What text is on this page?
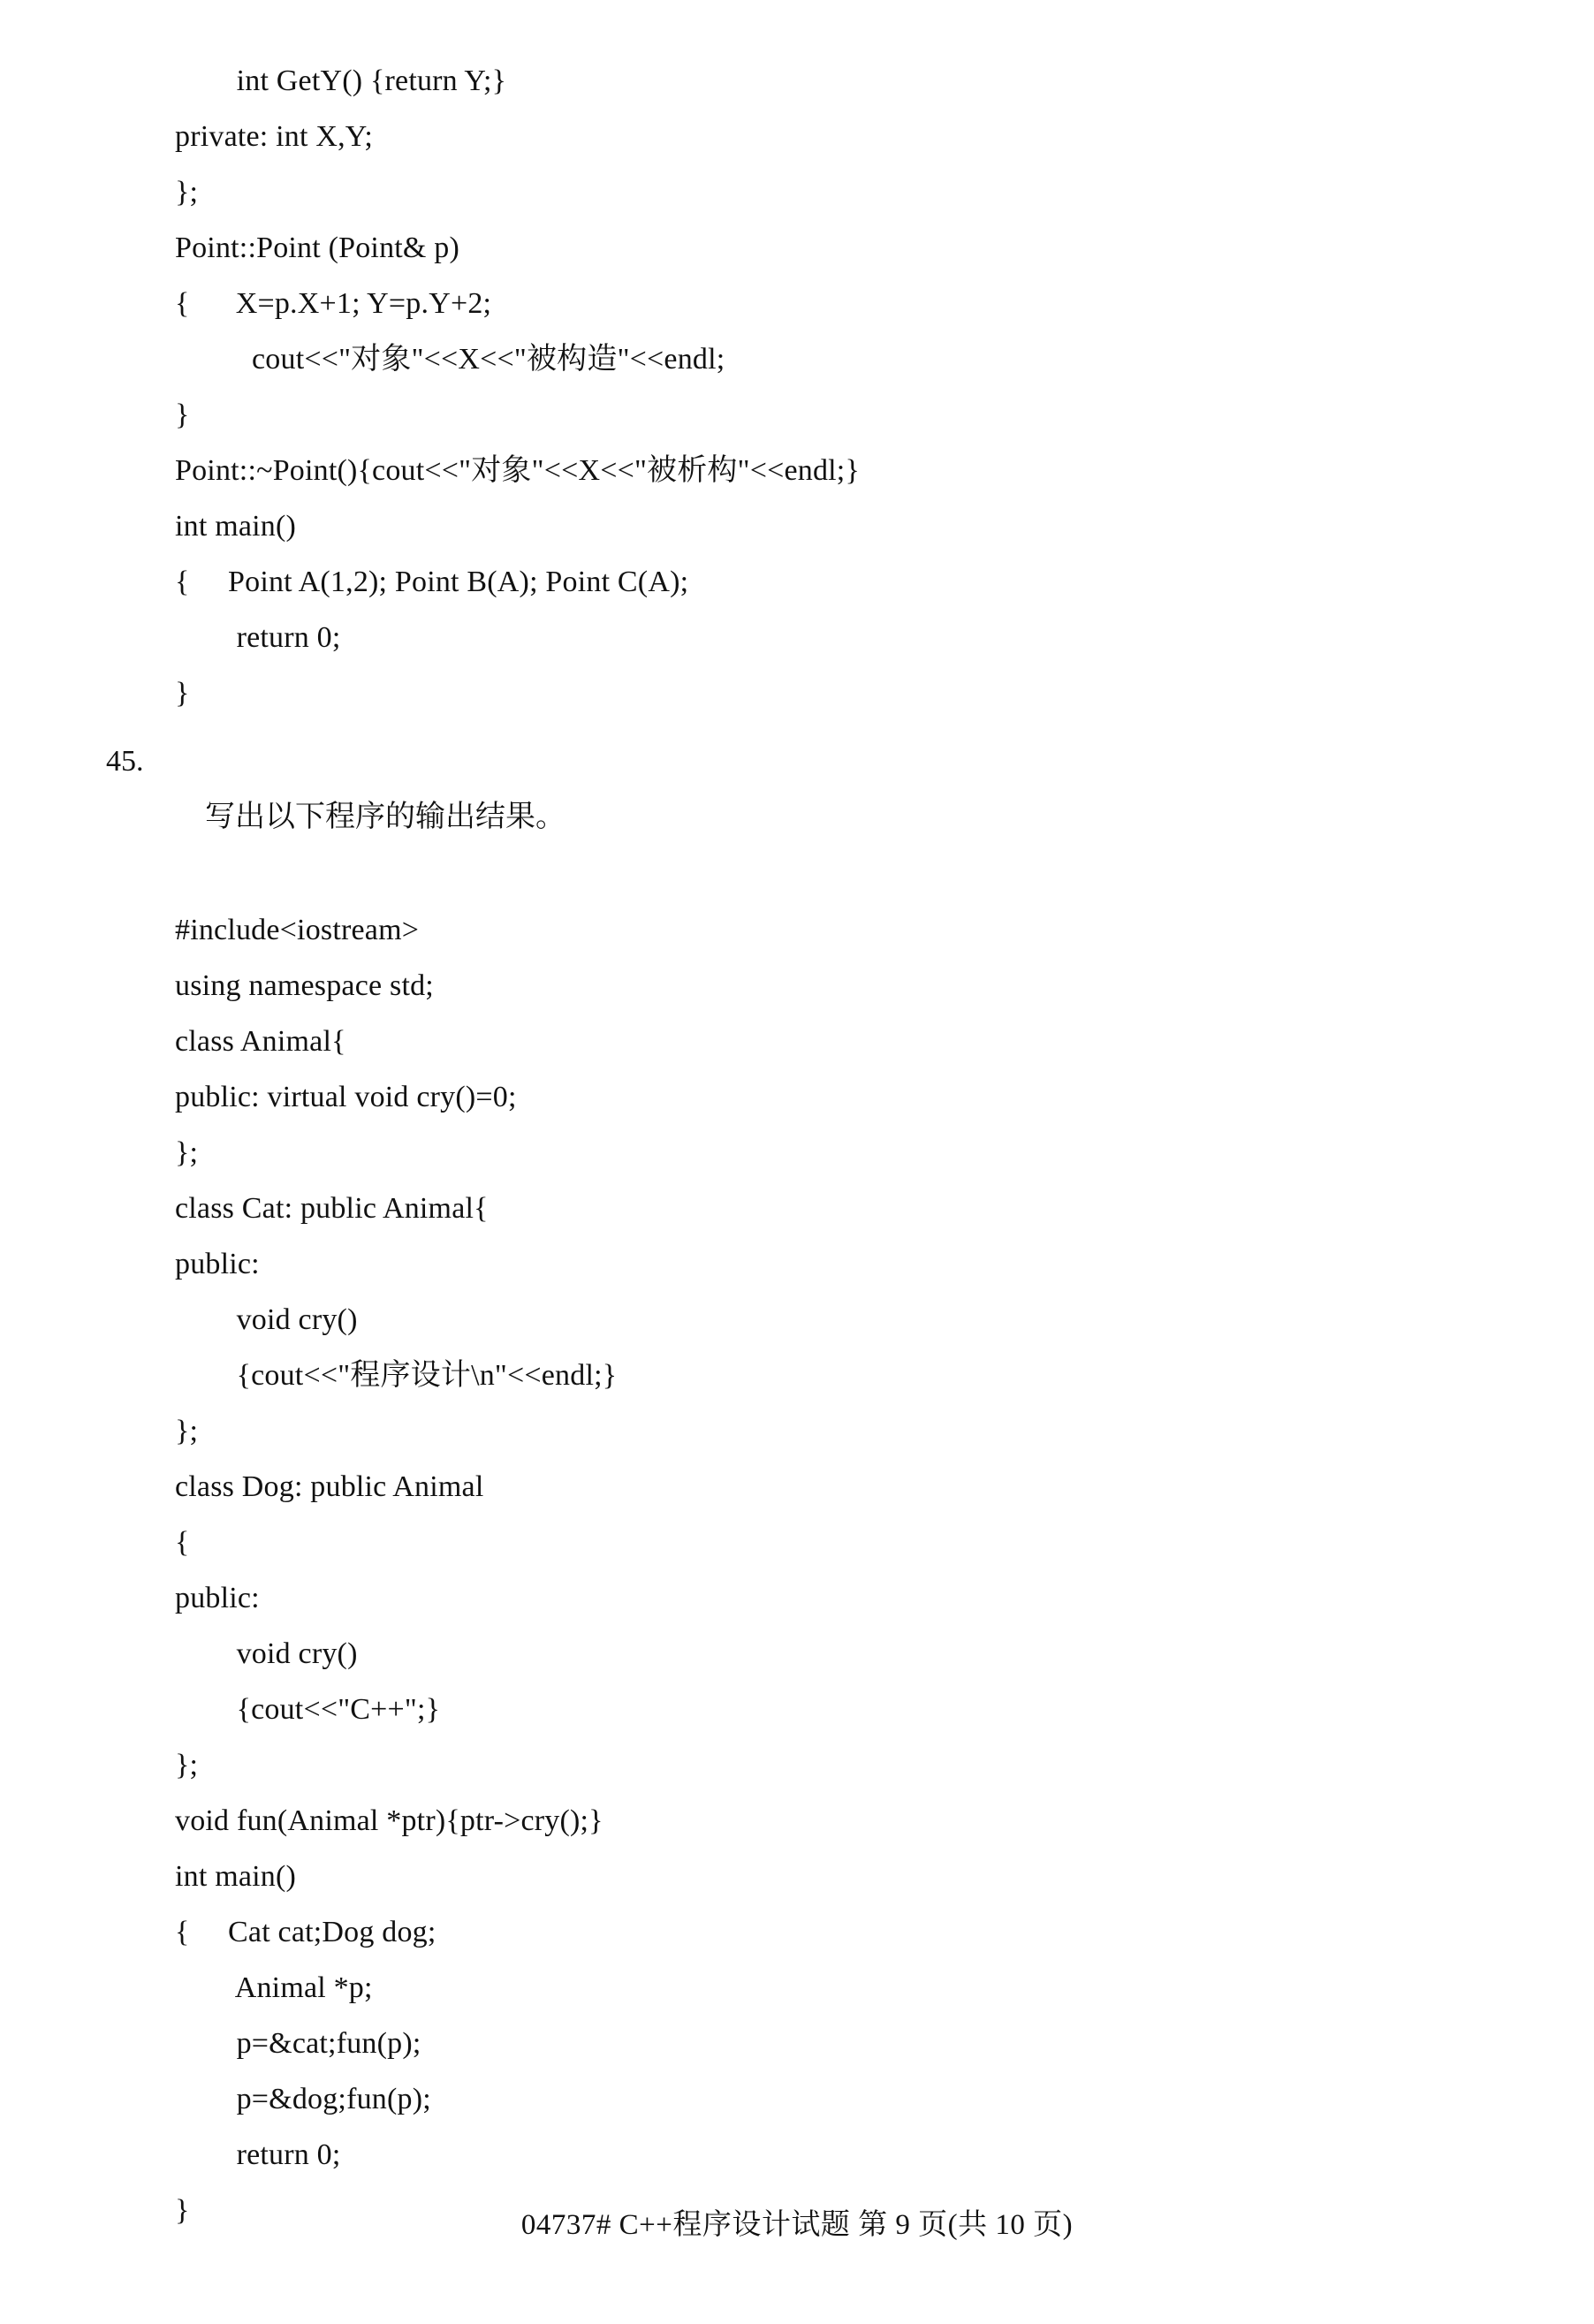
int GetY() {return Y;}
private: int X,Y;
};
Point::Point (Point& p)
{      X=p.X+1; Y=p.Y+2;
cout<<"对象"<<X<<"被构造"<<endl;
}
Point::~Point(){cout<<"对象"<<X<<"被析构"<<endl;}
int main()
{     Point A(1,2); Point B(A); Point C(A);
return 0;
}

45.
写出以下程序的输出结果。

#include<iostream>
using namespace std;
class Animal{
public: virtual void cry()=0;
};
class Cat: public Animal{
public:
void cry()
{cout<<"程序设计\n"<<endl;}
};
class Dog: public Animal
{
public:
void cry()
{cout<<"C++";}
};
void fun(Animal *ptr){ptr->cry();}
int main()
{     Cat cat;Dog dog;
Animal *p;
p=&cat;fun(p);
p=&dog;fun(p);
return 0;
}	04737# C++程序设计试题 第 9 页(共 10 页)
